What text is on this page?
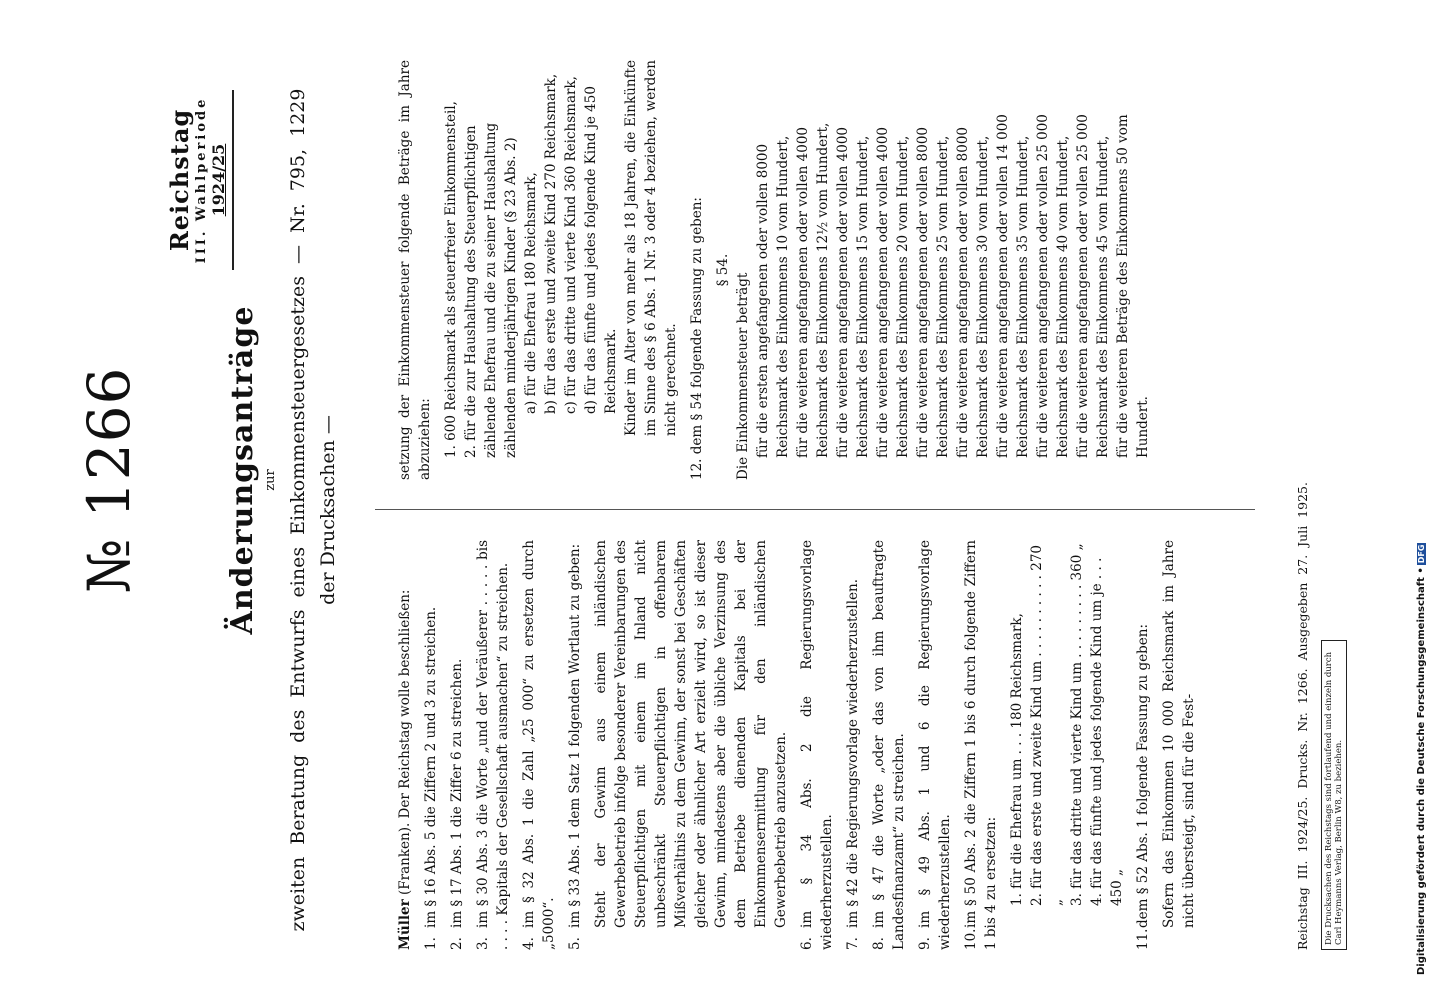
№ 1266
Reichstag III. Wahlperiode 1924/25
Änderungsanträge zur zweiten Beratung des Entwurfs eines Einkommensteuergesetzes — Nr. 795, 1229 der Drucksachen —
Müller (Franken). Der Reichstag wolle beschließen:
1.im § 16 Abs. 5 die Ziffern 2 und 3 zu streichen.
2.im § 17 Abs. 1 die Ziffer 6 zu streichen.
3.im § 30 Abs. 3 die Worte „und der Veräußerer . . . . . bis . . . . Kapitals der Gesellschaft ausmachen“ zu streichen. 4.im § 32 Abs. 1 die Zahl „25 000“ zu ersetzen durch „5000“. 5.im § 33 Abs. 1 dem Satz 1 folgenden Wortlaut zu geben: Steht der Gewinn aus einem inländischen Gewerbebetrieb infolge besonderer Vereinbarungen des Steuerpflichtigen mit einem im Inland nicht unbeschränkt Steuerpflichtigen in offenbarem Mißverhältnis zu dem Gewinn, der sonst bei Geschäften gleicher oder ähnlicher Art erzielt wird, so ist dieser Gewinn, mindestens aber die übliche Verzinsung des dem Betriebe dienenden Kapitals bei der Einkommensermittlung für den inländischen Gewerbebetrieb anzusetzen.
6.im § 34 Abs. 2 die Regierungsvorlage wiederherzustellen. 7.im § 42 die Regierungsvorlage wiederherzustellen.
8.im § 47 die Worte „oder das von ihm beauftragte Landesfinanzamt“ zu streichen. 9.im § 49 Abs. 1 und 6 die Regierungsvorlage wiederherzustellen. 10.im § 50 Abs. 2 die Ziffern 1 bis 6 durch folgende Ziffern 1 bis 4 zu ersetzen: 1. für die Ehefrau um . . . 180 Reichsmark, 2. für das erste und zweite Kind um . . . . . . . . . . 270 „ 3. für das dritte und vierte Kind um . . . . . . . . . 360 „ 4. für das fünfte und jedes folgende Kind um je . . . 450 „
11.dem § 52 Abs. 1 folgende Fassung zu geben: Sofern das Einkommen 10 000 Reichsmark im Jahre nicht übersteigt, sind für die Fest-
setzung der Einkommensteuer folgende Beträge im Jahre abzuziehen: 1. 600 Reichsmark als steuerfreier Einkommensteil, 2. für die zur Haushaltung des Steuerpflichtigen zählende Ehefrau und die zu seiner Haushaltung zählenden minderjährigen Kinder (§ 23 Abs. 2) a) für die Ehefrau 180 Reichsmark, b) für das erste und zweite Kind 270 Reichsmark, c) für das dritte und vierte Kind 360 Reichsmark, d) für das fünfte und jedes folgende Kind je 450 Reichsmark. Kinder im Alter von mehr als 18 Jahren, die Einkünfte im Sinne des § 6 Abs. 1 Nr. 3 oder 4 beziehen, werden nicht gerechnet. 12. dem § 54 folgende Fassung zu geben: § 54.
Die Einkommensteuer beträgt für die ersten angefangenen oder vollen 8000 Reichsmark des Einkommens 10 vom Hundert, für die weiteren angefangenen oder vollen 4000 Reichsmark des Einkommens 12½ vom Hundert, für die weiteren angefangenen oder vollen 4000 Reichsmark des Einkommens 15 vom Hundert, für die weiteren angefangenen oder vollen 4000 Reichsmark des Einkommens 20 vom Hundert, für die weiteren angefangenen oder vollen 8000 Reichsmark des Einkommens 25 vom Hundert, für die weiteren angefangenen oder vollen 8000 Reichsmark des Einkommens 30 vom Hundert, für die weiteren angefangenen oder vollen 14 000 Reichsmark des Einkommens 35 vom Hundert, für die weiteren angefangenen oder vollen 25 000 Reichsmark des Einkommens 40 vom Hundert, für die weiteren angefangenen oder vollen 25 000 Reichsmark des Einkommens 45 vom Hundert, für die weiteren Beträge des Einkommens 50 vom Hundert.
Reichstag III. 1924/25. Drucks. Nr. 1266. Ausgegeben 27. Juli 1925.	Die Drucksachen des Reichstags sind fortlaufend und einzeln durch Carl Heymanns Verlag, Berlin W8, zu beziehen.	Digitalisierung gefördert durch die Deutsche Forschungsgemeinschaft •DFG
